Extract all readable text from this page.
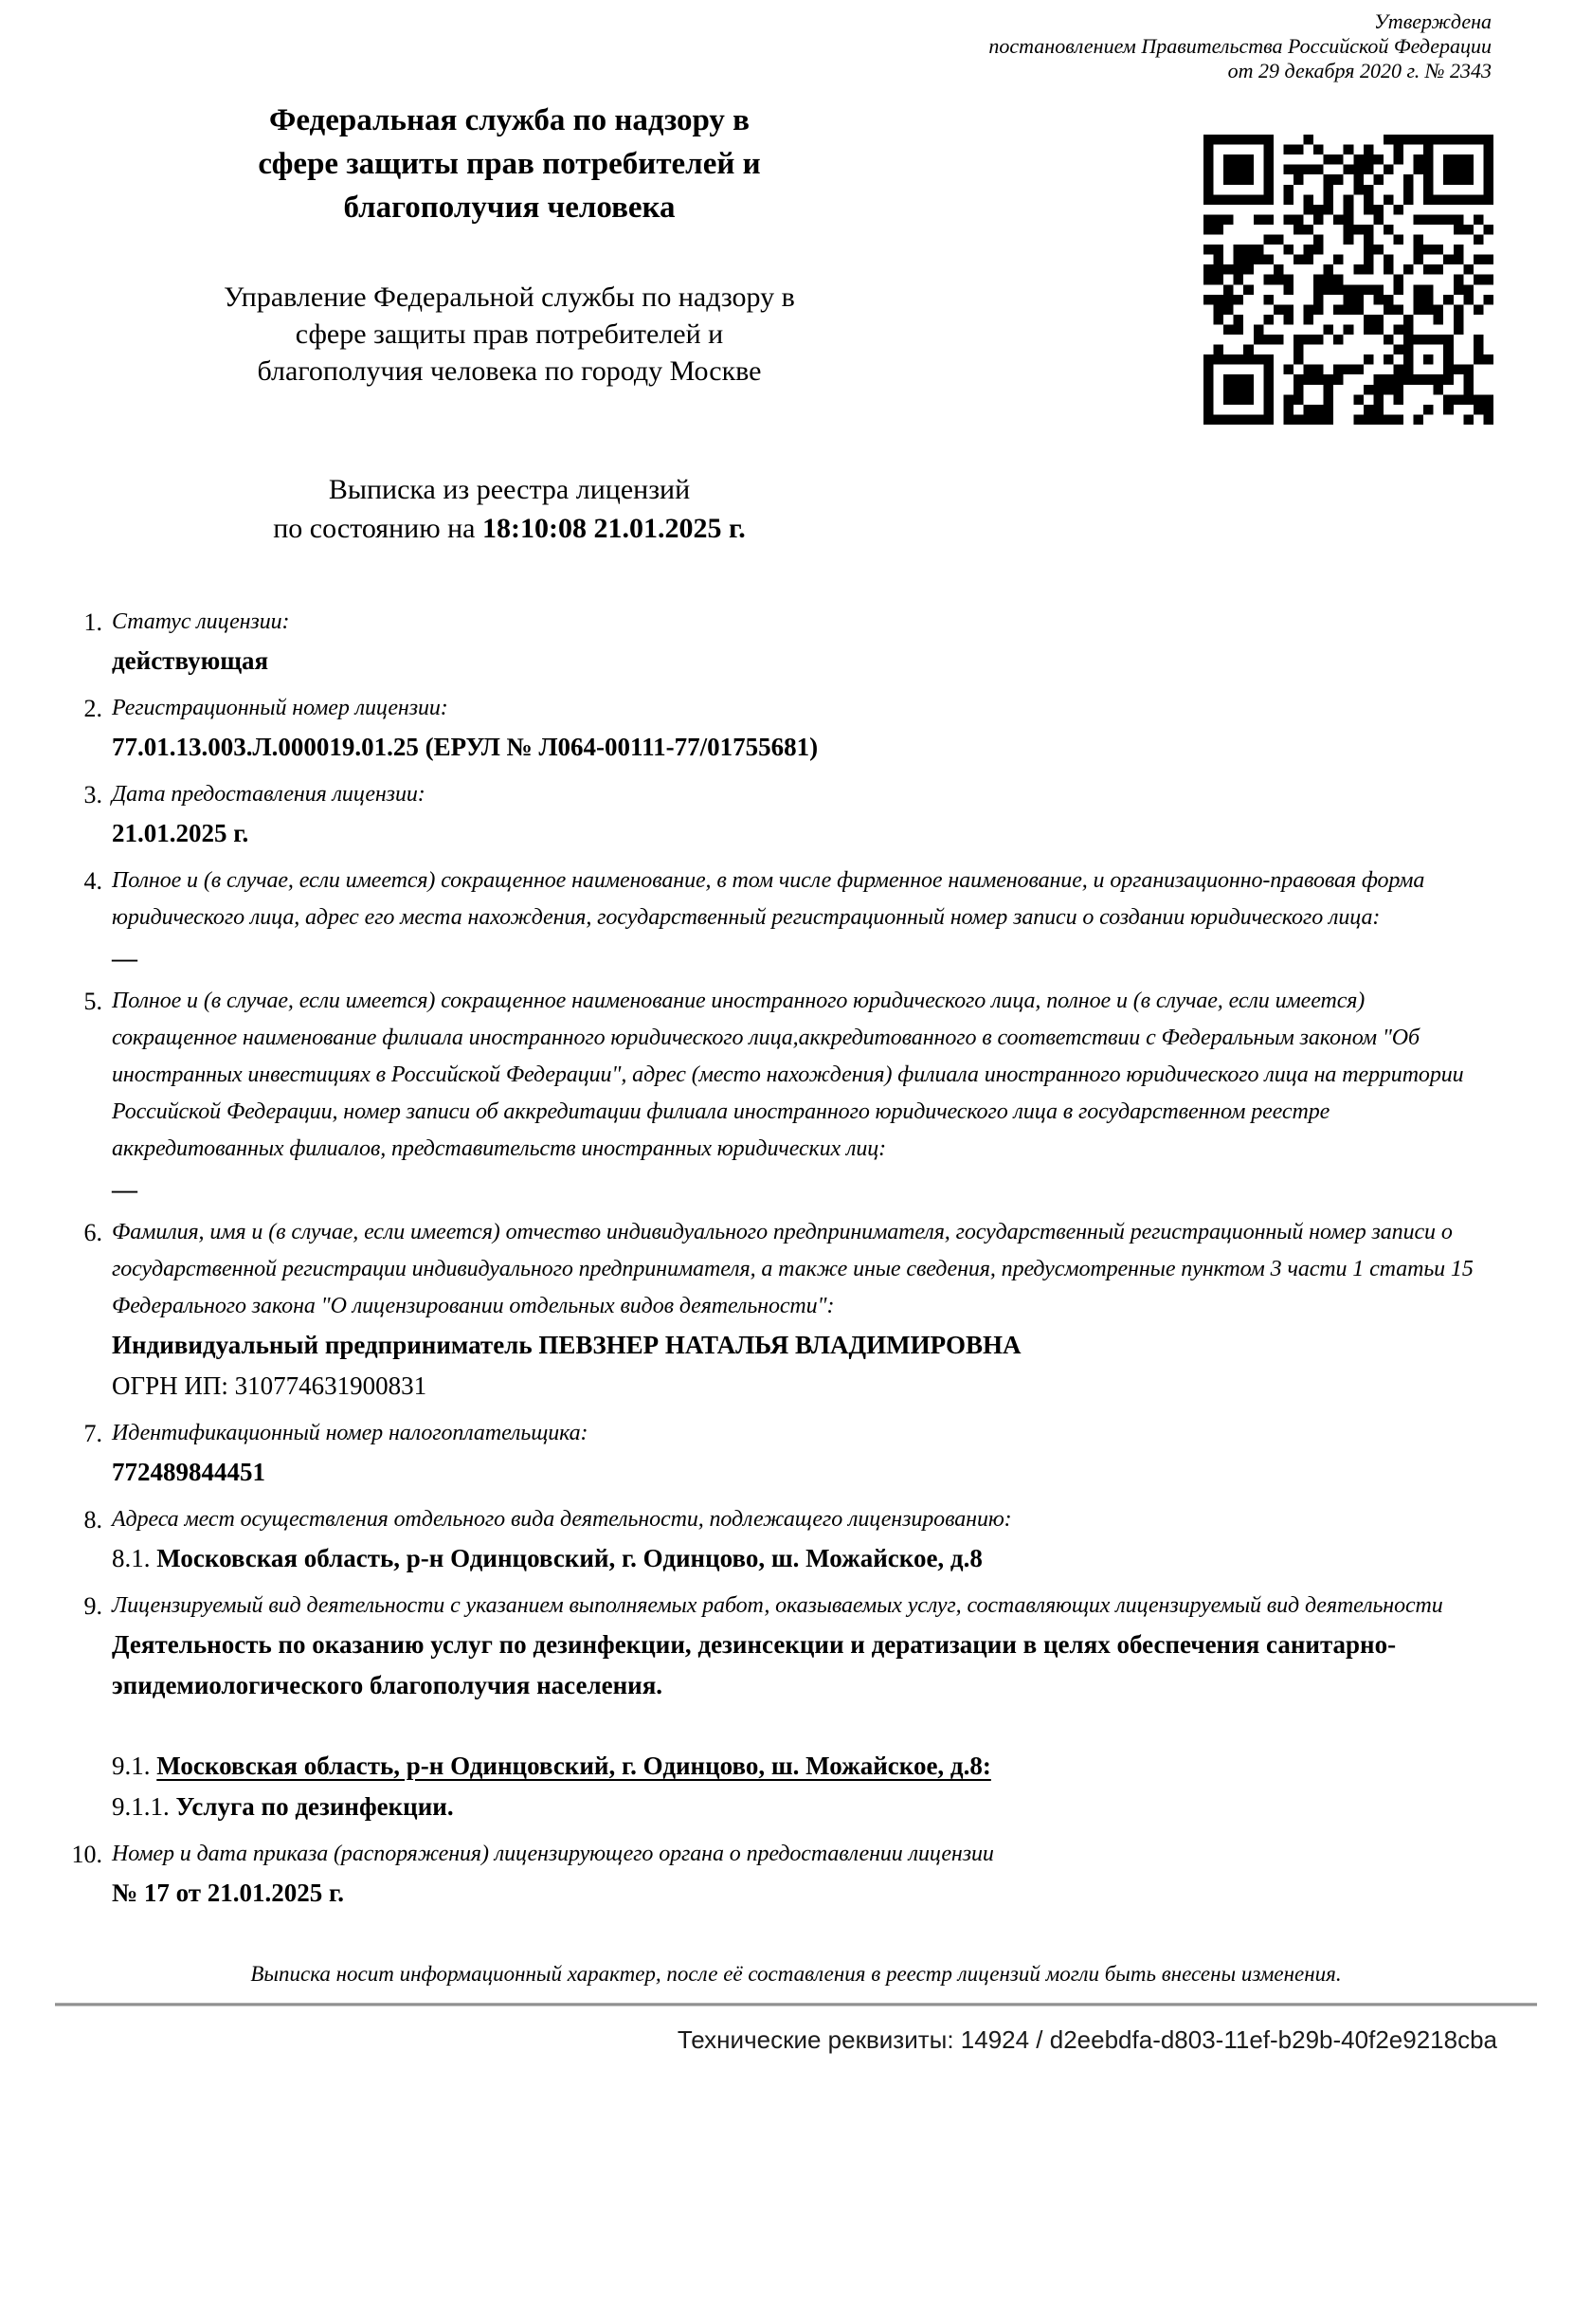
Утверждена
постановлением Правительства Российской Федерации
от 29 декабря 2020 г. № 2343
Федеральная служба по надзору в
сфере защиты прав потребителей и
благополучия человека
Управление Федеральной службы по надзору в
сфере защиты прав потребителей и
благополучия человека по городу Москве
Выписка из реестра лицензий
по состоянию на 18:10:08 21.01.2025 г.
1. Статус лицензии:
действующая
2. Регистрационный номер лицензии:
77.01.13.003.Л.000019.01.25 (ЕРУЛ № Л064-00111-77/01755681)
3. Дата предоставления лицензии:
21.01.2025 г.
4. Полное и (в случае, если имеется) сокращенное наименование, в том числе фирменное наименование, и организационно-правовая форма юридического лица, адрес его места нахождения, государственный регистрационный номер записи о создании юридического лица:
—
5. Полное и (в случае, если имеется) сокращенное наименование иностранного юридического лица, полное и (в случае, если имеется) сокращенное наименование филиала иностранного юридического лица,аккредитованного в соответствии с Федеральным законом "Об иностранных инвестициях в Российской Федерации", адрес (место нахождения) филиала иностранного юридического лица на территории Российской Федерации, номер записи об аккредитации филиала иностранного юридического лица в государственном реестре аккредитованных филиалов, представительств иностранных юридических лиц:
—
6. Фамилия, имя и (в случае, если имеется) отчество индивидуального предпринимателя, государственный регистрационный номер записи о государственной регистрации индивидуального предпринимателя, а также иные сведения, предусмотренные пунктом 3 части 1 статьи 15 Федерального закона "О лицензировании отдельных видов деятельности":
Индивидуальный предприниматель ПЕВЗНЕР НАТАЛЬЯ ВЛАДИМИРОВНА
ОГРН ИП: 310774631900831
7. Идентификационный номер налогоплательщика:
772489844451
8. Адреса мест осуществления отдельного вида деятельности, подлежащего лицензированию:
8.1. Московская область, р-н Одинцовский, г. Одинцово, ш. Можайское, д.8
9. Лицензируемый вид деятельности с указанием выполняемых работ, оказываемых услуг, составляющих лицензируемый вид деятельности
Деятельность по оказанию услуг по дезинфекции, дезинсекции и дератизации в целях обеспечения санитарно-эпидемиологического благополучия населения.
9.1. Московская область, р-н Одинцовский, г. Одинцово, ш. Можайское, д.8:
9.1.1. Услуга по дезинфекции.
10. Номер и дата приказа (распоряжения) лицензирующего органа о предоставлении лицензии
№ 17 от 21.01.2025 г.
Выписка носит информационный характер, после её составления в реестр лицензий могли быть внесены изменения.
Технические реквизиты: 14924 / d2eebdfa-d803-11ef-b29b-40f2e9218cba
